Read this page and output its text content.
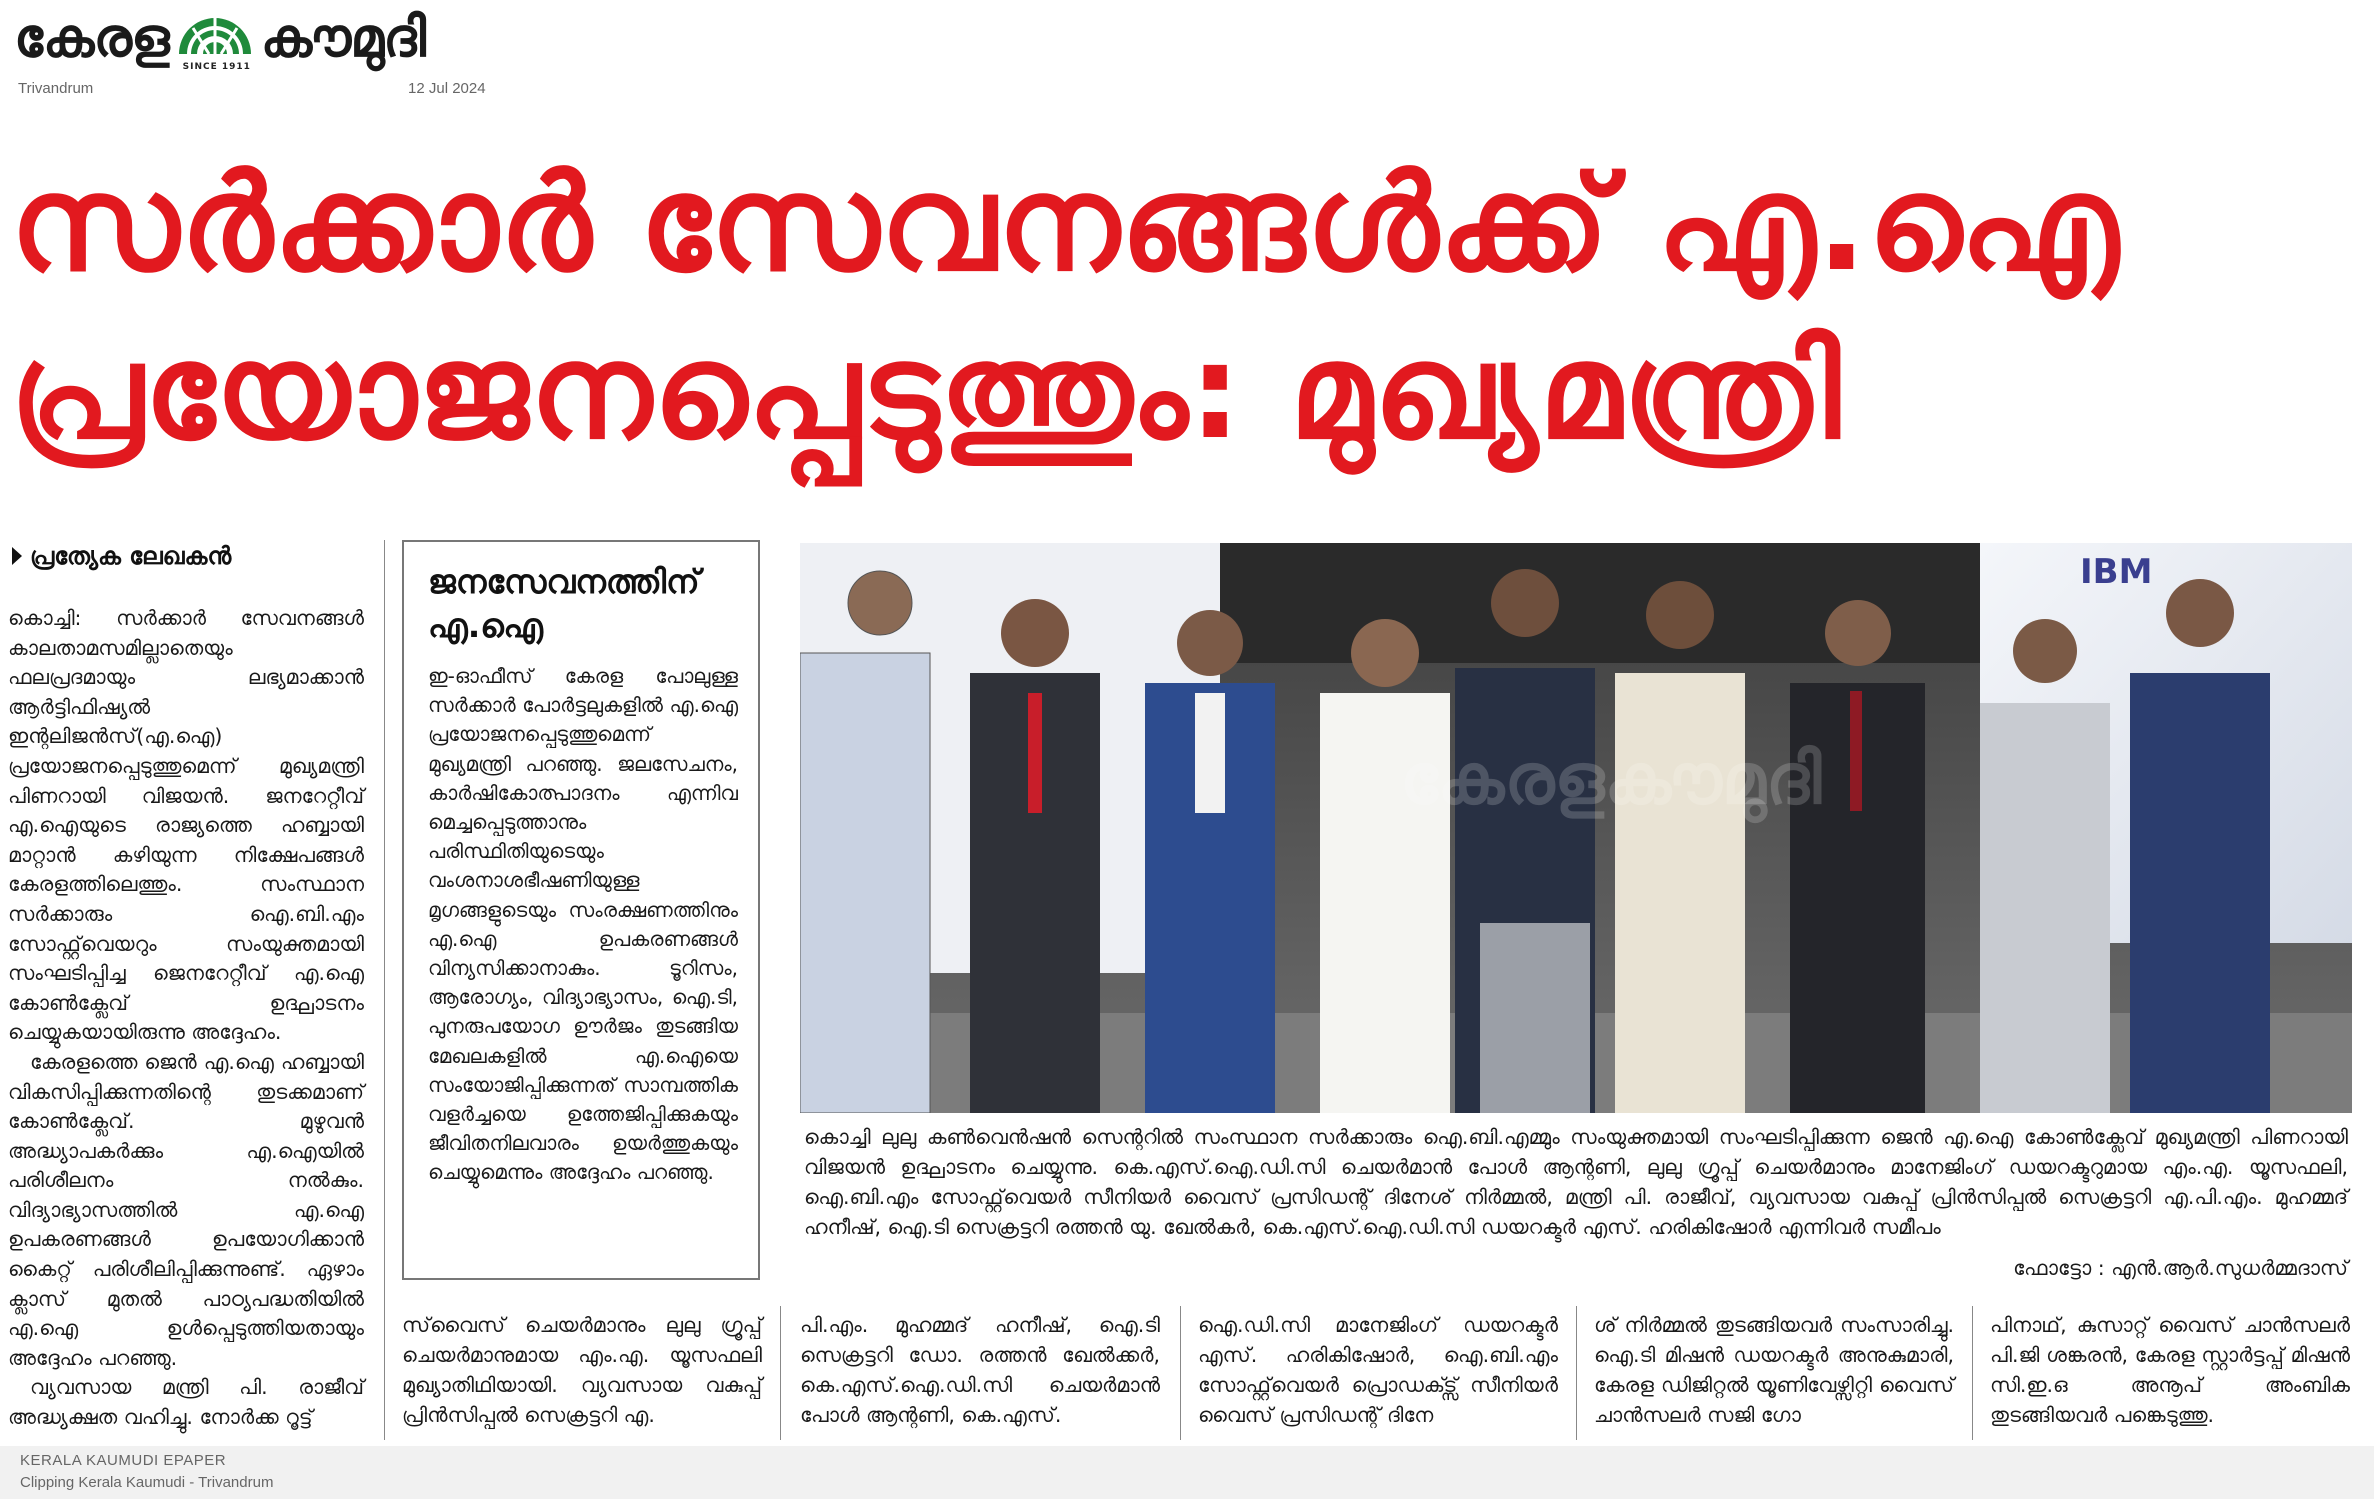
കേരള SINCE 1911 കൗമുദി
Trivandrum	12 Jul 2024
സർക്കാർ സേവനങ്ങൾക്ക് എ.ഐ
പ്രയോജനപ്പെടുത്തും: മുഖ്യമന്ത്രി
പ്രത്യേക ലേഖകൻ

കൊച്ചി: സർക്കാർ സേവനങ്ങൾ കാലതാമസമില്ലാതെയും ഫലപ്രദമായും ലഭ്യമാക്കാൻ ആർട്ടിഫിഷ്യൽ ഇന്റലിജൻസ്(എ.ഐ) പ്രയോജനപ്പെടുത്തുമെന്ന് മുഖ്യമന്ത്രി പിണറായി വിജയൻ. ജനറേറ്റീവ് എ.ഐയുടെ രാജ്യത്തെ ഹബ്ബായി മാറ്റാൻ കഴിയുന്ന നിക്ഷേപങ്ങൾ കേരളത്തിലെത്തും. സംസ്ഥാന സർക്കാരും ഐ.ബി.എം സോഫ്റ്റ്‌വെയറും സംയുക്തമായി സംഘടിപ്പിച്ച ജെനറേറ്റീവ് എ.ഐ കോൺക്ലേവ് ഉദ്ഘാടനം ചെയ്യുകയായിരുന്നു അദ്ദേഹം.

കേരളത്തെ ജെൻ എ.ഐ ഹബ്ബായി വികസിപ്പിക്കുന്നതിന്റെ തുടക്കമാണ് കോൺക്ലേവ്. മുഴുവൻ അദ്ധ്യാപകർക്കും എ.ഐയിൽ പരിശീലനം നൽകും. വിദ്യാഭ്യാസത്തിൽ എ.ഐ ഉപകരണങ്ങൾ ഉപയോഗിക്കാൻ കൈറ്റ് പരിശീലിപ്പിക്കുന്നുണ്ട്. ഏഴാം ക്ലാസ് മുതൽ പാഠ്യപദ്ധതിയിൽ എ.ഐ ഉൾപ്പെടുത്തിയതായും അദ്ദേഹം പറഞ്ഞു.

വ്യവസായ മന്ത്രി പി. രാജീവ് അദ്ധ്യക്ഷത വഹിച്ചു. നോർക്ക റൂട്ട്

ജനസേവനത്തിന് എ.ഐ
ഇ-ഓഫീസ് കേരള പോലുള്ള സർക്കാർ പോർട്ടലുകളിൽ എ.ഐ പ്രയോജനപ്പെടുത്തുമെന്ന് മുഖ്യമന്ത്രി പറഞ്ഞു. ജലസേചനം, കാർഷികോത്പാദനം എന്നിവ മെച്ചപ്പെടുത്താനും പരിസ്ഥിതിയുടെയും വംശനാശഭീഷണിയുള്ള മൃഗങ്ങളുടെയും സംരക്ഷണത്തിനും എ.ഐ ഉപകരണങ്ങൾ വിന്യസിക്കാനാകും. ടൂറിസം, ആരോഗ്യം, വിദ്യാഭ്യാസം, ഐ.ടി, പുനരുപയോഗ ഊർജം തുടങ്ങിയ മേഖലകളിൽ എ.ഐയെ സംയോജിപ്പിക്കുന്നത് സാമ്പത്തിക വളർച്ചയെ ഉത്തേജിപ്പിക്കുകയും ജീവിതനിലവാരം ഉയർത്തുകയും ചെയ്യുമെന്നും അദ്ദേഹം പറഞ്ഞു.
IBM
കേരളകൗമുദി
കൊച്ചി ലുലു കൺവെൻഷൻ സെന്ററിൽ സംസ്ഥാന സർക്കാരും ഐ.ബി.എമ്മും സംയുക്തമായി സംഘടിപ്പിക്കുന്ന ജെൻ എ.ഐ കോൺക്ലേവ് മുഖ്യമന്ത്രി പിണറായി വിജയൻ ഉദ്ഘാടനം ചെയ്യുന്നു. കെ.എസ്.ഐ.ഡി.സി ചെയർമാൻ പോൾ ആന്റണി, ലുലു ഗ്രൂപ്പ് ചെയർമാനും മാനേജിംഗ് ഡയറക്ടറുമായ എം.എ. യൂസഫലി, ഐ.ബി.എം സോഫ്റ്റ്‌വെയർ സീനിയർ വൈസ് പ്രസിഡന്റ് ദിനേശ് നിർമ്മൽ, മന്ത്രി പി. രാജീവ്, വ്യവസായ വകുപ്പ് പ്രിൻസിപ്പൽ സെക്രട്ടറി എ.പി.എം. മുഹമ്മദ് ഹനീഷ്, ഐ.ടി സെക്രട്ടറി രത്തൻ യു. ഖേൽകർ, കെ.എസ്.ഐ.ഡി.സി ഡയറക്ടർ എസ്. ഹരികിഷോർ എന്നിവർ സമീപം
ഫോട്ടോ : എൻ.ആർ.സുധർമ്മദാസ്
സ്‌വൈസ് ചെയർമാനും ലുലു ഗ്രൂപ്പ് ചെയർമാനുമായ എം.എ. യൂസഫലി മുഖ്യാതിഥിയായി. വ്യവസായ വകുപ്പ് പ്രിൻസിപ്പൽ സെക്രട്ടറി എ.
പി.എം. മുഹമ്മദ് ഹനീഷ്, ഐ.ടി സെക്രട്ടറി ഡോ. രത്തൻ ഖേൽക്കർ, കെ.എസ്.ഐ.ഡി.സി ചെയർമാൻ പോൾ ആന്റണി, കെ.എസ്.
ഐ.ഡി.സി മാനേജിംഗ് ഡയറക്ടർ എസ്. ഹരികിഷോർ, ഐ.ബി.എം സോഫ്റ്റ്‌വെയർ പ്രൊഡക്ട്സ് സീനിയർ വൈസ് പ്രസിഡന്റ് ദിനേ
ശ് നിർമ്മൽ തുടങ്ങിയവർ സംസാരിച്ചു. ഐ.ടി മിഷൻ ഡയറക്ടർ അനുകുമാരി, കേരള ഡിജിറ്റൽ യൂണിവേഴ്സിറ്റി വൈസ് ചാൻസലർ സജി ഗോ
പിനാഥ്, കുസാറ്റ് വൈസ് ചാൻസലർ പി.ജി ശങ്കരൻ, കേരള സ്റ്റാർട്ടപ്പ് മിഷൻ സി.ഇ.ഒ അനൂപ് അംബിക തുടങ്ങിയവർ പങ്കെടുത്തു.
KERALA KAUMUDI EPAPER
Clipping Kerala Kaumudi - Trivandrum
